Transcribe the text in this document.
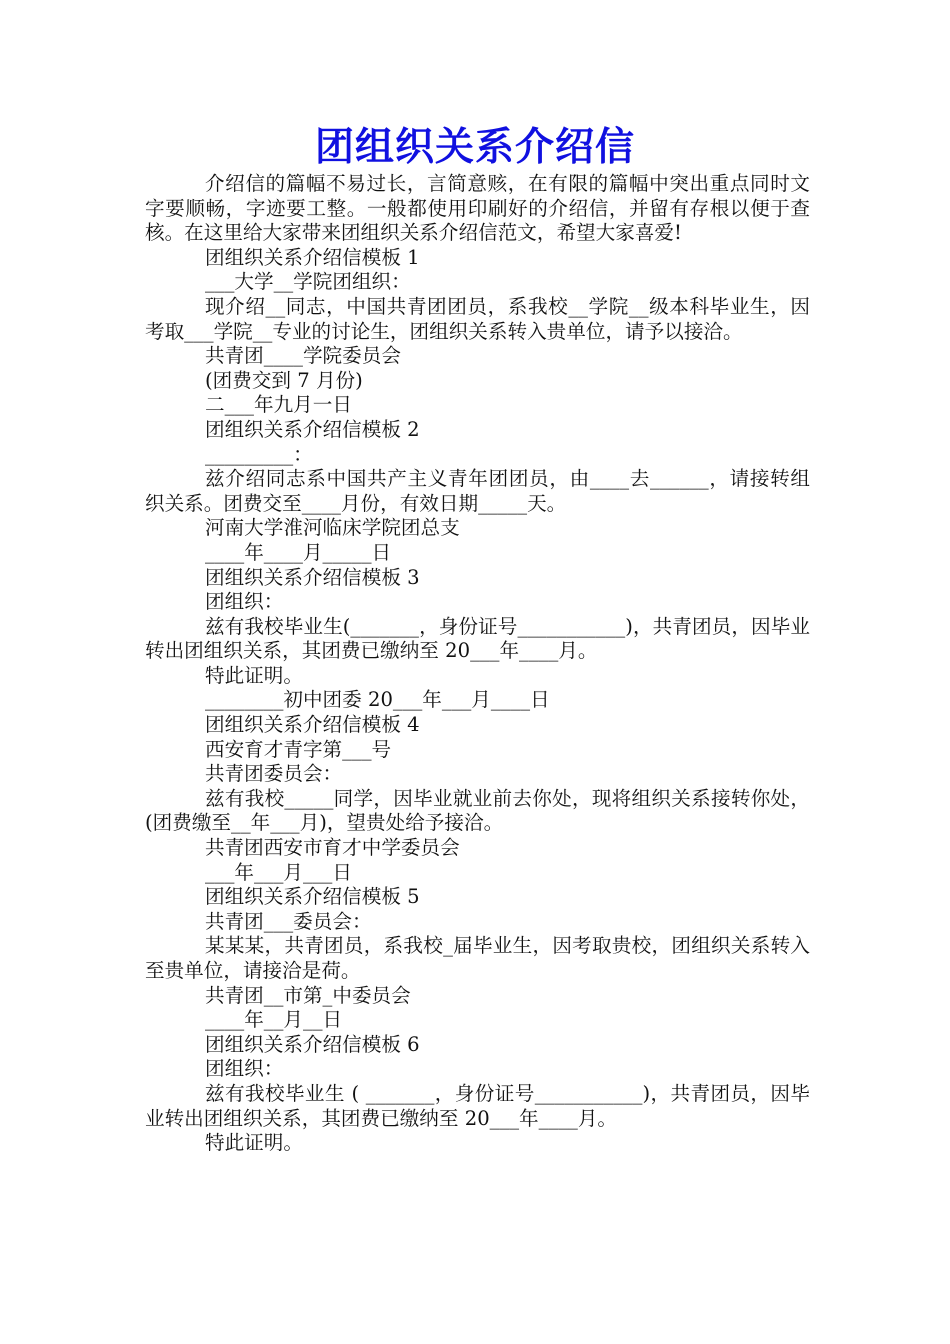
团组织关系介绍信

介绍信的篇幅不易过长，言简意赅，在有限的篇幅中突出重点同时文字要顺畅，字迹要工整。一般都使用印刷好的介绍信，并留有存根以便于查核。在这里给大家带来团组织关系介绍信范文，希望大家喜爱!

团组织关系介绍信模板 1

___大学__学院团组织：

现介绍__同志，中国共青团团员，系我校__学院__级本科毕业生，因考取___学院__专业的讨论生，团组织关系转入贵单位，请予以接洽。

共青团____学院委员会

(团费交到 7 月份)

二___年九月一日

团组织关系介绍信模板 2

_________：

兹介绍同志系中国共产主义青年团团员，由____去______，请接转组织关系。团费交至____月份，有效日期_____天。

河南大学淮河临床学院团总支

____年____月_____日

团组织关系介绍信模板 3

团组织：

兹有我校毕业生(_______，身份证号___________)，共青团员，因毕业转出团组织关系，其团费已缴纳至 20___年____月。

特此证明。

________初中团委 20___年___月____日

团组织关系介绍信模板 4

西安育才青字第___号

共青团委员会：

兹有我校_____同学，因毕业就业前去你处，现将组织关系接转你处，(团费缴至__年___月)，望贵处给予接洽。

共青团西安市育才中学委员会

___年___月___日

团组织关系介绍信模板 5

共青团___委员会：

某某某，共青团员，系我校_届毕业生，因考取贵校，团组织关系转入至贵单位，请接洽是荷。

共青团__市第_中委员会

____年__月__日

团组织关系介绍信模板 6

团组织：

兹有我校毕业生 ( _______，身份证号___________)，共青团员，因毕业转出团组织关系，其团费已缴纳至 20___年____月。

特此证明。
